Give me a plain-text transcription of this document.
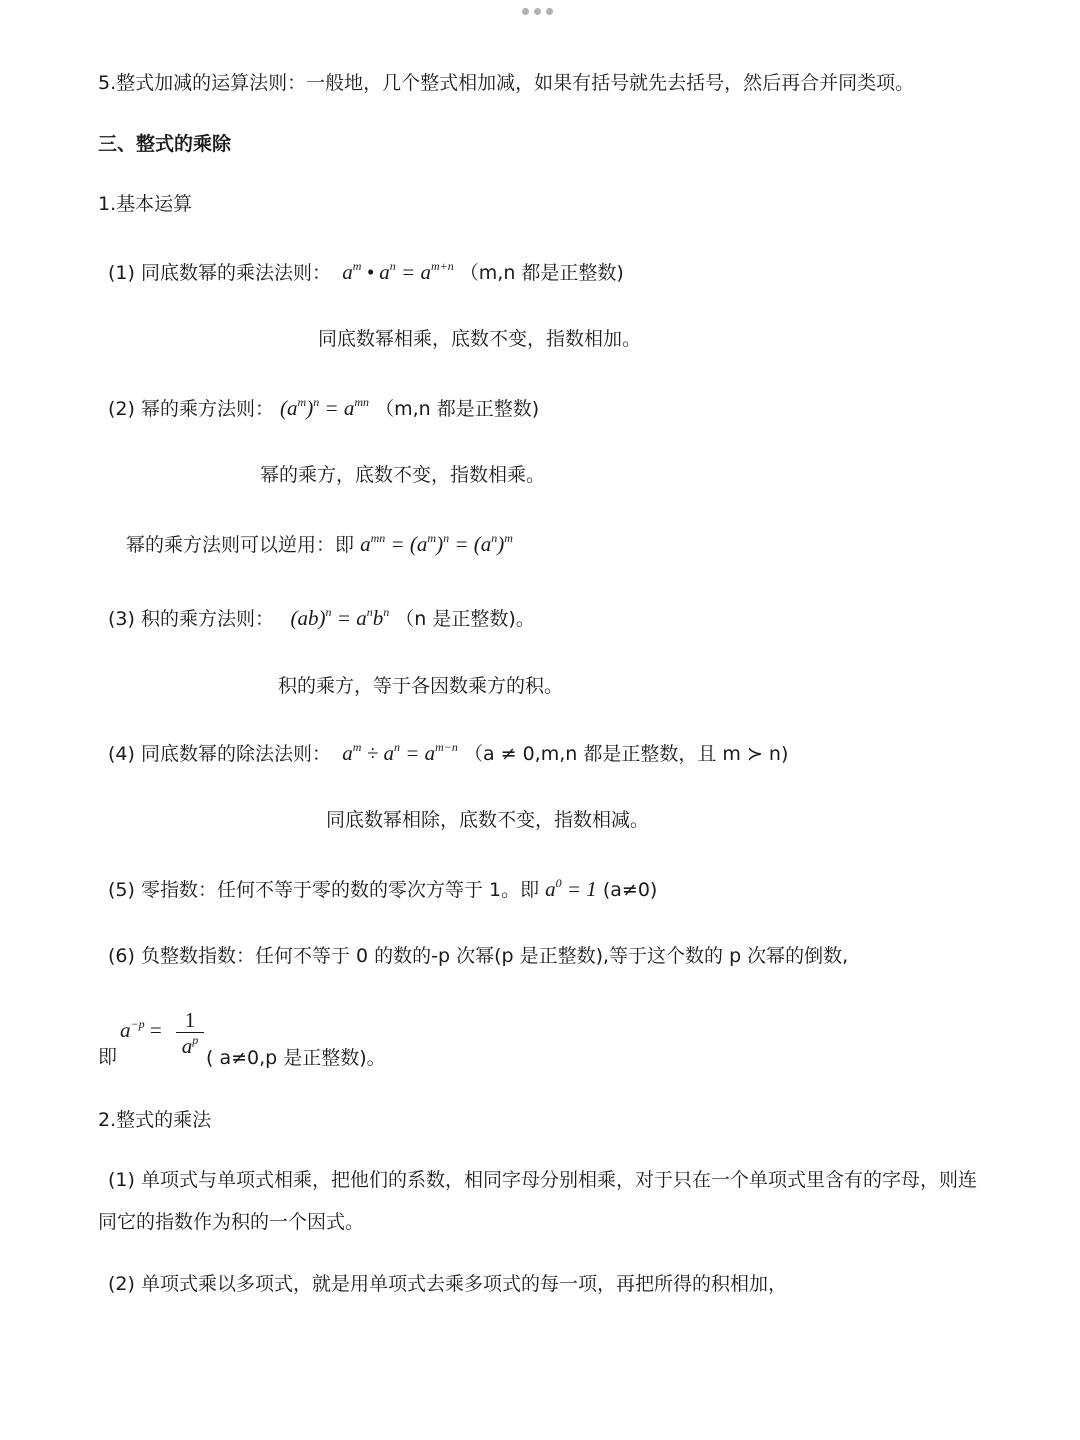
5.整式加减的运算法则：一般地，几个整式相加减，如果有括号就先去括号，然后再合并同类项。
三、整式的乘除
1.基本运算
(1) 同底数幂的乘法法则：  $a^m$ • $a^n = a^{m+n}$ （m,n 都是正整数)
同底数幂相乘，底数不变，指数相加。
(2) 幂的乘方法则： $(a^m)^n = a^{mn}$ （m,n 都是正整数)
幂的乘方，底数不变，指数相乘。
幂的乘方法则可以逆用：即 $a^{mn} = (a^m)^n = (a^n)^m$
(3) 积的乘方法则： $(ab)^n = a^nb^n$ （n 是正整数)。
积的乘方，等于各因数乘方的积。
(4) 同底数幂的除法法则：  $a^m \div a^n = a^{m-n}$ （a ≠ 0,m,n 都是正整数，且 m ≻ n)
同底数幂相除，底数不变，指数相减。
(5) 零指数：任何不等于零的数的零次方等于 1。即 $a^0 = 1$ (a≠0)
(6) 负整数指数：任何不等于 0 的数的-p 次幂(p 是正整数),等于这个数的 p 次幂的倒数,
即
$a^{-p} = \frac{1}{a^p}$ ( a≠0,p 是正整数)。
2.整式的乘法
(1) 单项式与单项式相乘，把他们的系数，相同字母分别相乘，对于只在一个单项式里含有的字母，则连
同它的指数作为积的一个因式。
(2) 单项式乘以多项式，就是用单项式去乘多项式的每一项，再把所得的积相加，
